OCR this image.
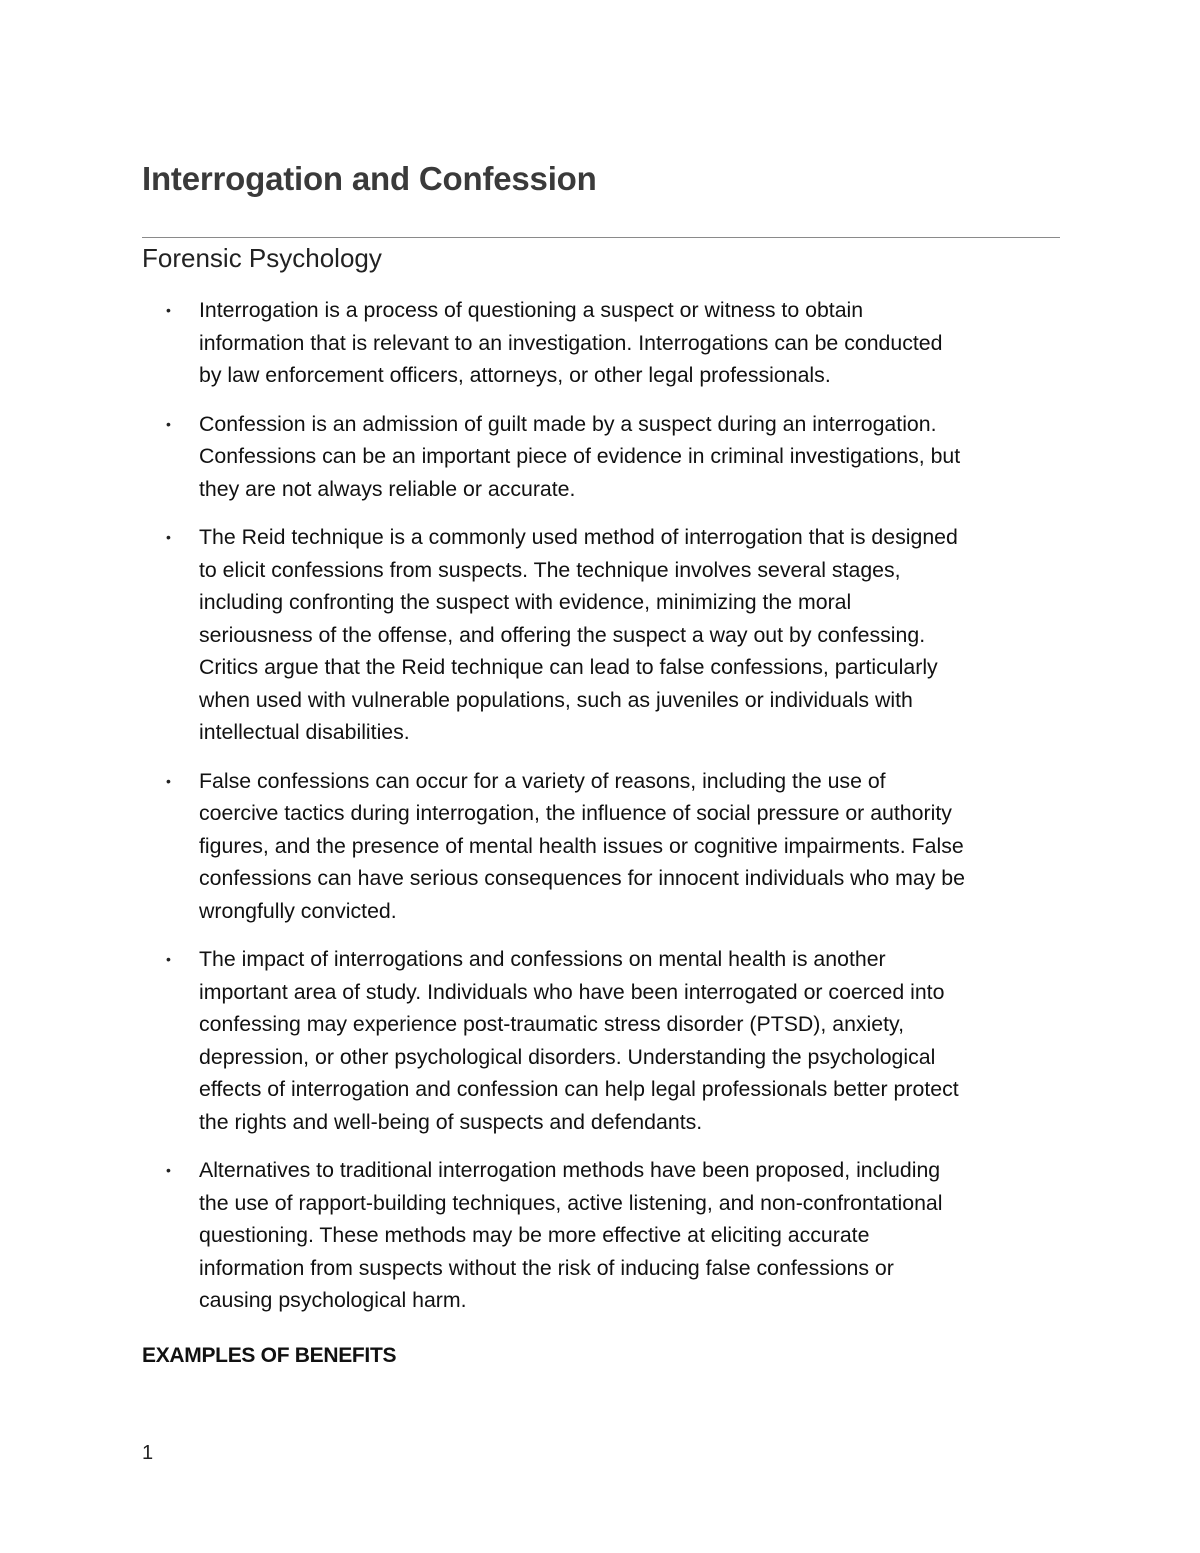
Interrogation and Confession
Forensic Psychology
• Interrogation is a process of questioning a suspect or witness to obtain
information that is relevant to an investigation. Interrogations can be conducted
by law enforcement officers, attorneys, or other legal professionals.
• Confession is an admission of guilt made by a suspect during an interrogation.
Confessions can be an important piece of evidence in criminal investigations, but
they are not always reliable or accurate.
• The Reid technique is a commonly used method of interrogation that is designed
to elicit confessions from suspects. The technique involves several stages,
including confronting the suspect with evidence, minimizing the moral
seriousness of the offense, and offering the suspect a way out by confessing.
Critics argue that the Reid technique can lead to false confessions, particularly
when used with vulnerable populations, such as juveniles or individuals with
intellectual disabilities.
• False confessions can occur for a variety of reasons, including the use of
coercive tactics during interrogation, the influence of social pressure or authority
figures, and the presence of mental health issues or cognitive impairments. False
confessions can have serious consequences for innocent individuals who may be
wrongfully convicted.
• The impact of interrogations and confessions on mental health is another
important area of study. Individuals who have been interrogated or coerced into
confessing may experience post-traumatic stress disorder (PTSD), anxiety,
depression, or other psychological disorders. Understanding the psychological
effects of interrogation and confession can help legal professionals better protect
the rights and well-being of suspects and defendants.
• Alternatives to traditional interrogation methods have been proposed, including
the use of rapport-building techniques, active listening, and non-confrontational
questioning. These methods may be more effective at eliciting accurate
information from suspects without the risk of inducing false confessions or
causing psychological harm.
EXAMPLES OF BENEFITS
1
